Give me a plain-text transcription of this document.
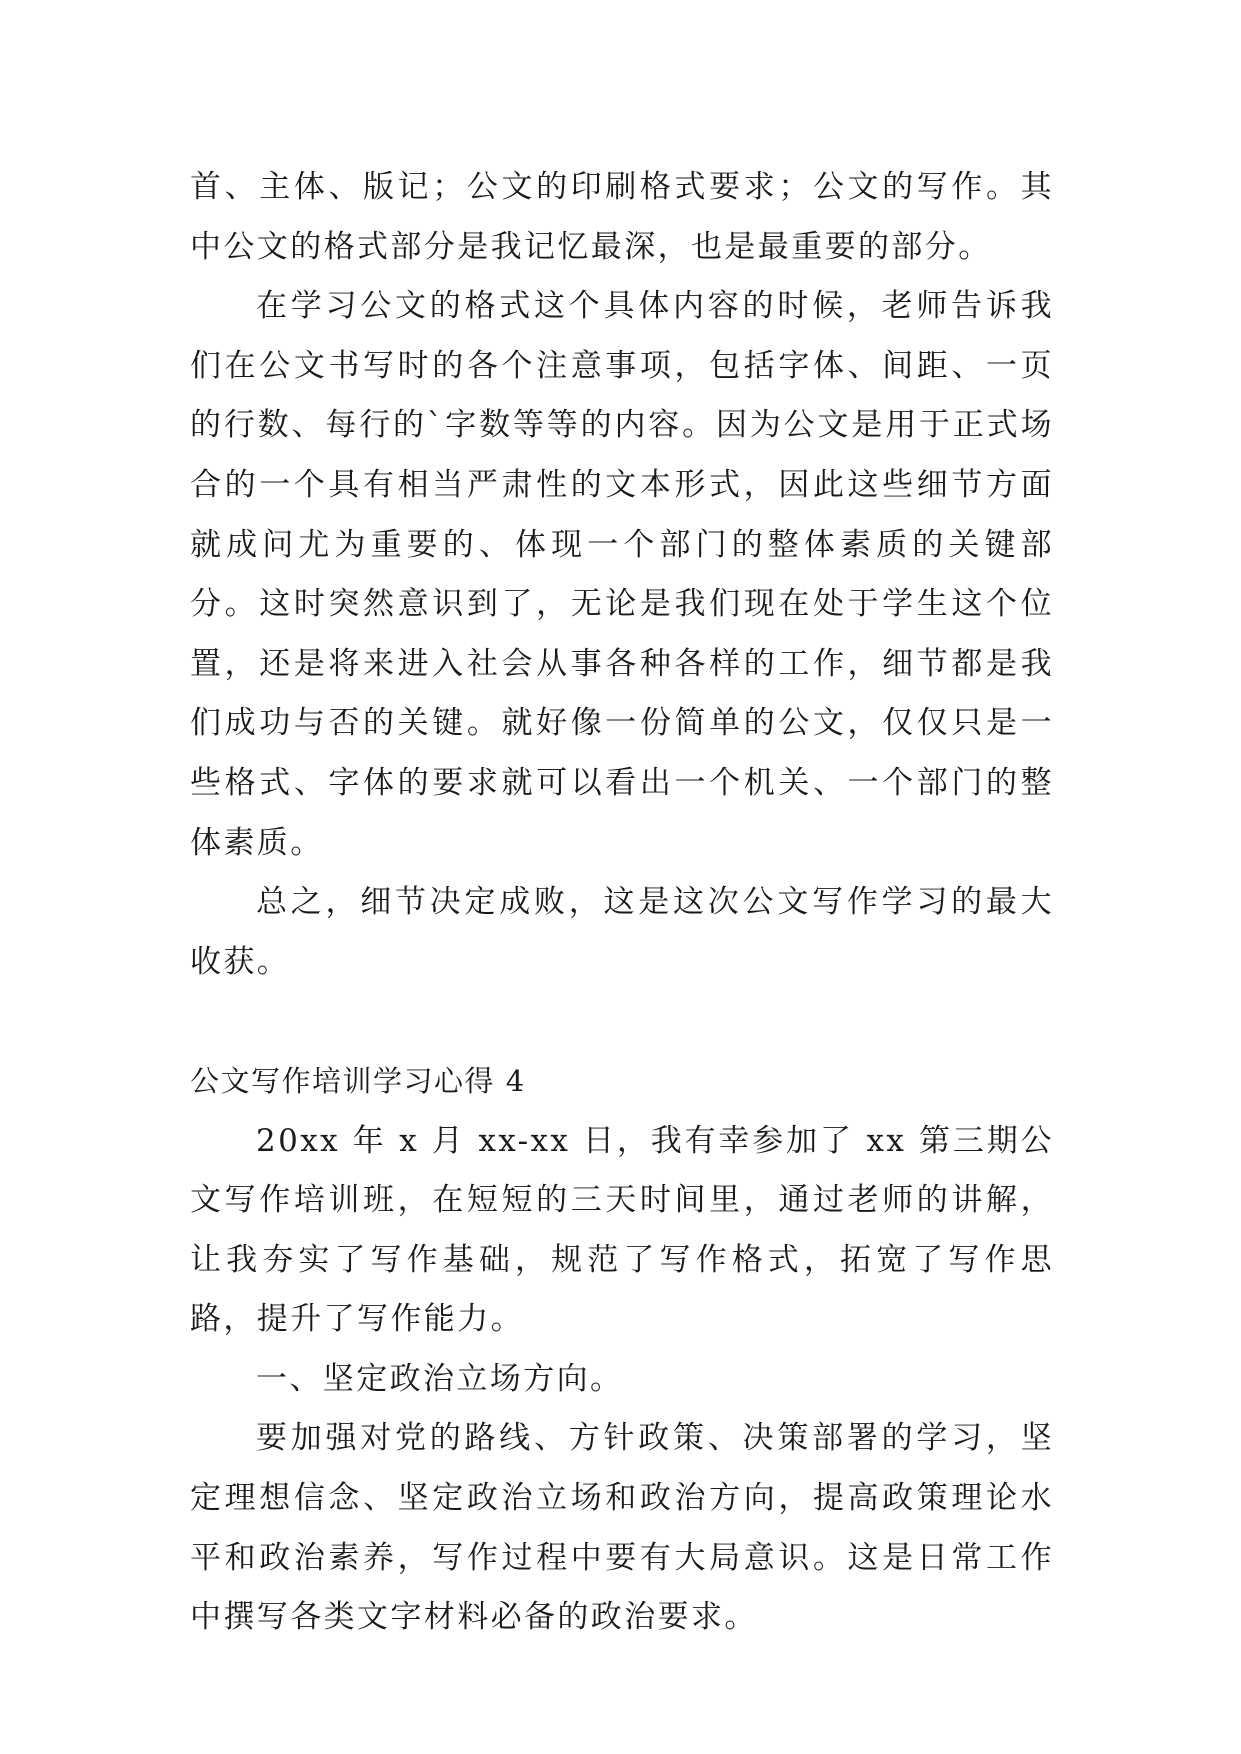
首、主体、版记；公文的印刷格式要求；公文的写作。其中公文的格式部分是我记忆最深，也是最重要的部分。

在学习公文的格式这个具体内容的时候，老师告诉我们在公文书写时的各个注意事项，包括字体、间距、一页的行数、每行的`字数等等的内容。因为公文是用于正式场合的一个具有相当严肃性的文本形式，因此这些细节方面就成问尤为重要的、体现一个部门的整体素质的关键部分。这时突然意识到了，无论是我们现在处于学生这个位置，还是将来进入社会从事各种各样的工作，细节都是我们成功与否的关键。就好像一份简单的公文，仅仅只是一些格式、字体的要求就可以看出一个机关、一个部门的整体素质。

总之，细节决定成败，这是这次公文写作学习的最大收获。

公文写作培训学习心得 4

20xx 年 x 月 xx-xx 日，我有幸参加了 xx 第三期公文写作培训班，在短短的三天时间里，通过老师的讲解，让我夯实了写作基础，规范了写作格式，拓宽了写作思路，提升了写作能力。

一、坚定政治立场方向。

要加强对党的路线、方针政策、决策部署的学习，坚定理想信念、坚定政治立场和政治方向，提高政策理论水平和政治素养，写作过程中要有大局意识。这是日常工作中撰写各类文字材料必备的政治要求。
